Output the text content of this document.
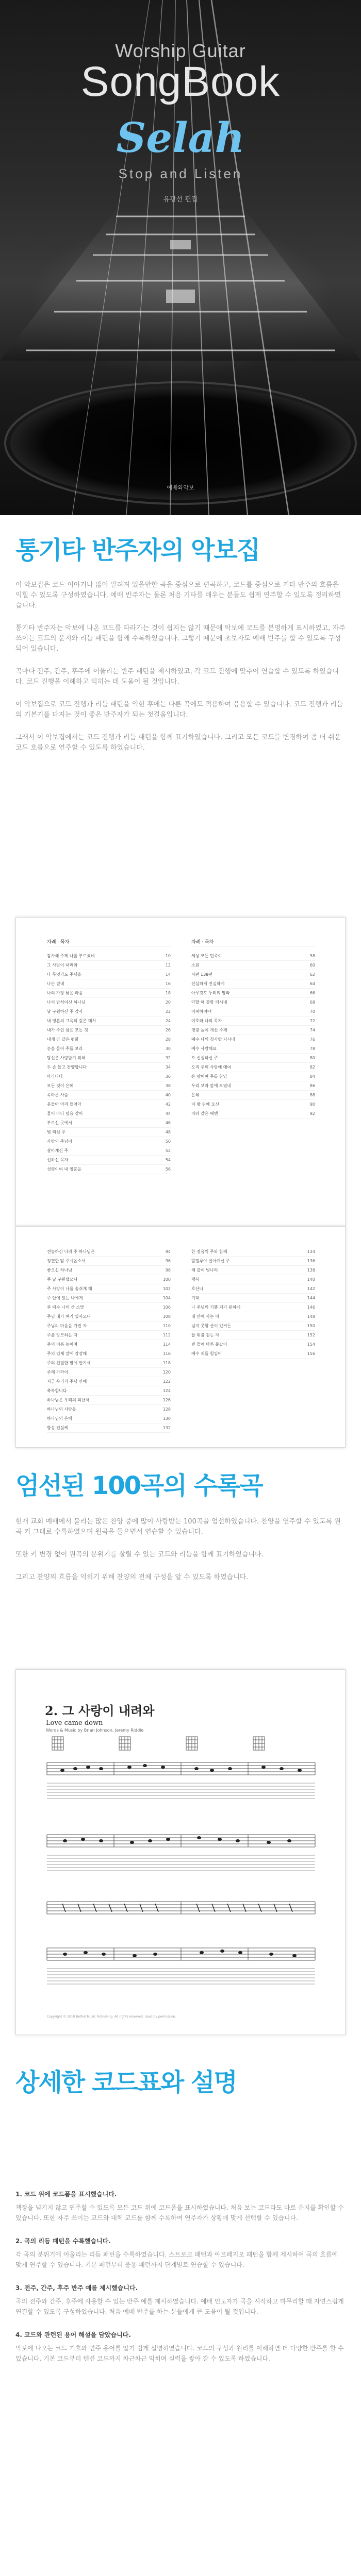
Worship Guitar
SongBook
Selah
Stop and Listen
유광선 편집
예배와악보
통기타 반주자의 악보집

이 악보집은 코드 이야기나 많이 알려져 있을만한 곡을 중심으로 편곡하고, 코드를 중심으로 기타 반주의 흐름을 익힐 수 있도록 구성하였습니다. 예배 반주자는 물론 처음 기타를 배우는 분들도 쉽게 연주할 수 있도록 정리하였습니다.

통기타 반주자는 악보에 나온 코드를 따라가는 것이 쉽지는 않기 때문에 악보에 코드를 분명하게 표시하였고, 자주 쓰이는 코드의 운지와 리듬 패턴을 함께 수록하였습니다. 그렇기 때문에 초보자도 예배 반주를 할 수 있도록 구성되어 있습니다.

곡마다 전주, 간주, 후주에 어울리는 반주 패턴을 제시하였고, 각 코드 진행에 맞추어 연습할 수 있도록 하였습니다. 코드 진행을 이해하고 익히는 데 도움이 될 것입니다.

이 악보집으로 코드 진행과 리듬 패턴을 익힌 후에는 다른 곡에도 적용하여 응용할 수 있습니다. 코드 진행과 리듬의 기본기를 다지는 것이 좋은 반주자가 되는 첫걸음입니다.

그래서 이 악보집에서는 코드 진행과 리듬 패턴을 함께 표기하였습니다. 그리고 모든 코드를 변경하여 좀 더 쉬운 코드 흐름으로 연주할 수 있도록 하였습니다.

차례 · 목차
감사해 주께 나를 부르셨네	10
그 사랑이 내려와	12
나 무엇과도 주님을	14
나는 믿네	16
나의 가장 낮은 마음	18
나의 반석이신 하나님	20
날 구원하신 주 감사	22
내 영혼의 그윽히 깊은 데서	24
내가 주인 삼은 모든 것	26
내게 강 같은 평화	28
눈을 들어 주를 보라	30
당신은 사랑받기 위해	32
두 손 들고 찬양합니다	34
마라나타	36
모든 것이 은혜	38
목마른 사슴	40
문들아 머리 들어라	42
물이 바다 덮음 같이	44
부르신 곳에서	46
빛 되신 주	48
사랑의 주님이	50
살아계신 주	52
선하신 목자	54
성령이여 내 영혼을	56
차례 · 목차
세상 모든 민족이	58
소원	60
시편 139편	62
신실하게 진실하게	64
아무것도 두려워 말라	66
약할 때 강함 되시네	68
어찌하여야	70
여호와 나의 목자	72
영광 높이 계신 주께	74
예수 나의 첫사랑 되시네	76
예수 사랑해요	78
오 신실하신 주	80
오직 주의 사랑에 매여	82
온 땅이여 주를 찬양	84
우리 보좌 앞에 모였네	86
은혜	88
이 땅 위에 오신	90
이와 같은 때엔	92
전능하신 나의 주 하나님은	94
정결한 맘 주시옵소서	96
좋으신 하나님	98
주 날 구원했으니	100
주 사랑이 나를 숨쉬게 해	102
주 안에 있는 나에게	104
주 예수 나의 산 소망	106
주님 내가 여기 있사오니	108
주님의 마음을 가진 자	110
주를 앙모하는 자	112
주의 이름 높이며	114
주의 임재 앞에 잠잠해	116
주의 친절한 팔에 안기세	118
주께 가까이	120
지금 우리가 주님 안에	122
축복합니다	124
하나님은 우리의 피난처	126
하나님의 사랑을	128
하나님의 은혜	130
항상 진실케	132
한 걸음씩 주와 함께	134
할렐루야 살아계신 주	136
해 같이 빛나리	138
행복	140
호산나	142
기대	144
나 주님의 기쁨 되기 원하네	146
내 안에 사는 이	148
넘지 못할 산이 있거든	150
물 위를 걷는 자	152
빈 들에 마른 풀같이	154
예수 피를 힘입어	156
엄선된 100곡의 수록곡

현재 교회 예배에서 불리는 많은 찬양 중에 많이 사랑받는 100곡을 엄선하였습니다. 찬양을 연주할 수 있도록 원곡 키 그대로 수록하였으며 원곡을 들으면서 연습할 수 있습니다.

또한 키 변경 없이 원곡의 분위기를 살릴 수 있는 코드와 리듬을 함께 표기하였습니다.

그리고 찬양의 흐름을 익히기 위해 찬양의 전체 구성을 알 수 있도록 하였습니다.

2. 그 사랑이 내려와
Love came down
Words & Music by Brian Johnson, Jeremy Riddle
Copyright © 2010 Bethel Music Publishing. All rights reserved. Used by permission.
상세한 코드표와 설명
1. 코드 위에 코드폼을 표시했습니다.
책장을 넘기지 않고 연주할 수 있도록 모든 코드 위에 코드폼을 표시하였습니다. 처음 보는 코드라도 바로 운지를 확인할 수 있습니다. 또한 자주 쓰이는 코드와 대체 코드를 함께 수록하여 연주자가 상황에 맞게 선택할 수 있습니다.
2. 곡의 리듬 패턴을 수록했습니다.
각 곡의 분위기에 어울리는 리듬 패턴을 수록하였습니다. 스트로크 패턴과 아르페지오 패턴을 함께 제시하여 곡의 흐름에 맞게 연주할 수 있습니다. 기본 패턴부터 응용 패턴까지 단계별로 연습할 수 있습니다.
3. 전주, 간주, 후주 반주 예를 제시했습니다.
곡의 전주와 간주, 후주에 사용할 수 있는 반주 예를 제시하였습니다. 예배 인도자가 곡을 시작하고 마무리할 때 자연스럽게 연결할 수 있도록 구성하였습니다. 처음 예배 반주를 하는 분들에게 큰 도움이 될 것입니다.
4. 코드와 관련된 용어 해설을 담았습니다.
악보에 나오는 코드 기호와 연주 용어를 알기 쉽게 설명하였습니다. 코드의 구성과 원리를 이해하면 더 다양한 반주를 할 수 있습니다. 기본 코드부터 텐션 코드까지 차근차근 익히며 실력을 쌓아 갈 수 있도록 하였습니다.
